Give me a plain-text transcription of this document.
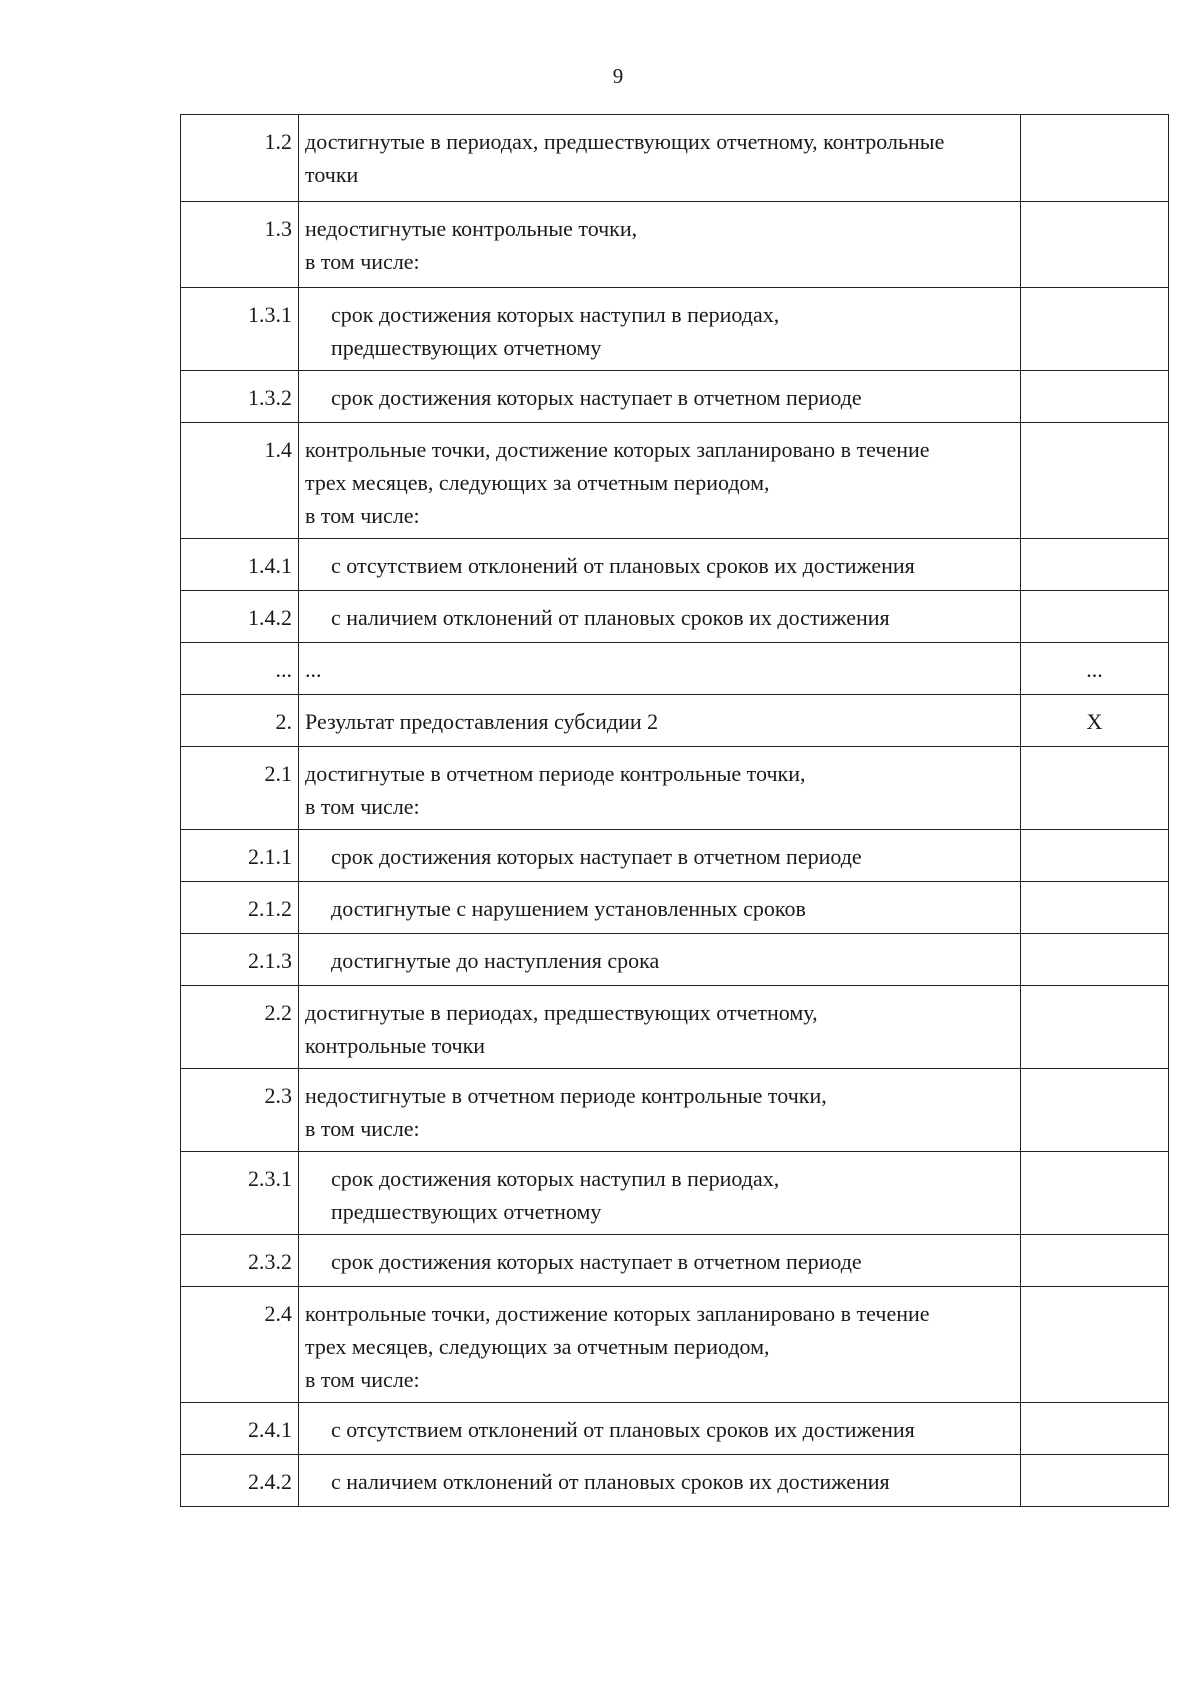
9
1.2	достигнутые в периодах, предшествующих отчетному, контрольные
точки	

1.3	недостигнутые контрольные точки,
в том числе:	

1.3.1	срок достижения которых наступил в периодах,
предшествующих отчетному	

1.3.2	срок достижения которых наступает в отчетном периоде	

1.4	контрольные точки, достижение которых запланировано в течение
трех месяцев, следующих за отчетным периодом,
в том числе:	

1.4.1	с отсутствием отклонений от плановых сроков их достижения	

1.4.2	с наличием отклонений от плановых сроков их достижения	

...	...	...
2.	Результат предоставления субсидии 2	X
2.1	достигнутые в отчетном периоде контрольные точки,
в том числе:	

2.1.1	срок достижения которых наступает в отчетном периоде	

2.1.2	достигнутые с нарушением установленных сроков	

2.1.3	достигнутые до наступления срока	

2.2	достигнутые в периодах, предшествующих отчетному,
контрольные точки	

2.3	недостигнутые в отчетном периоде контрольные точки,
в том числе:	

2.3.1	срок достижения которых наступил в периодах,
предшествующих отчетному	

2.3.2	срок достижения которых наступает в отчетном периоде	

2.4	контрольные точки, достижение которых запланировано в течение
трех месяцев, следующих за отчетным периодом,
в том числе:	

2.4.1	с отсутствием отклонений от плановых сроков их достижения	

2.4.2	с наличием отклонений от плановых сроков их достижения	
